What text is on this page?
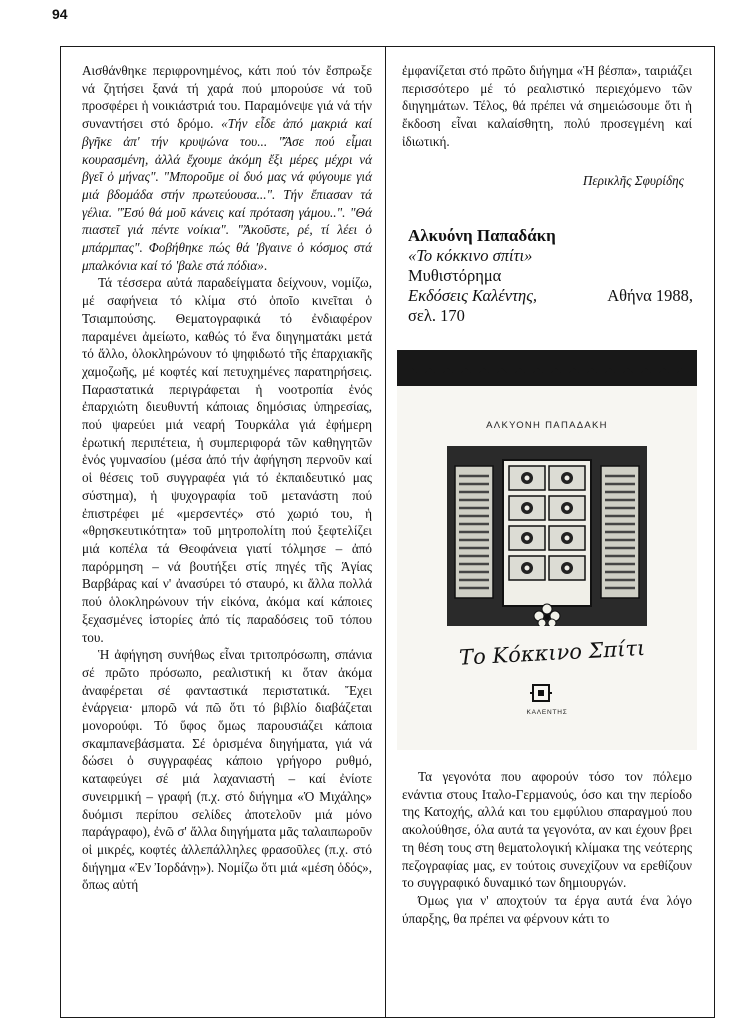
94

Αισθάνθηκε περιφρονημένος, κάτι πού τόν ἔσπρωξε νά ζητήσει ξανά τή χαρά πού μπορούσε νά τοῦ προσφέρει ἡ νοικιάστριά του. Παραμόνεψε γιά νά τήν συναντήσει στό δρόμο. «Τήν εἶδε ἀπό μακριά καί βγῆκε ἀπ' τήν κρυψώνα του... "Ἄσε πού εἶμαι κουρασμένη, ἀλλά ἔχουμε ἀκόμη ἔξι μέρες μέχρι νά βγεῖ ὁ μήνας". "Μποροῦμε οἱ δυό μας νά φύγουμε γιά μιά βδομάδα στήν πρωτεύουσα...". Τήν ἔπιασαν τά γέλια. "Ἐσύ θά μοῦ κάνεις καί πρόταση γάμου..". "Θά πιαστεῖ γιά πέντε νοίκια". "Ἀκοῦστε, ρέ, τί λέει ὁ μπάρμπας". Φοβήθηκε πώς θά 'βγαινε ὁ κόσμος στά μπαλκόνια καί τό 'βαλε στά πόδια».

Τά τέσσερα αὐτά παραδείγματα δείχνουν, νομίζω, μέ σαφήνεια τό κλίμα στό ὁποῖο κινεῖται ὁ Τσιαμπούσης. Θεματογραφικά τό ἐνδιαφέρον παραμένει ἀμείωτο, καθώς τό ἕνα διηγηματάκι μετά τό ἄλλο, ὁλοκληρώνουν τό ψηφιδωτό τῆς ἐπαρχιακῆς χαμοζωῆς, μέ κοφτές καί πετυχημένες παρατηρήσεις. Παραστατικά περιγράφεται ἡ νοοτροπία ἑνός ἐπαρχιώτη διευθυντή κάποιας δημόσιας ὑπηρεσίας, πού ψαρεύει μιά νεαρή Τουρκάλα γιά ἐφήμερη ἐρωτική περιπέτεια, ἡ συμπεριφορά τῶν καθηγητῶν ἑνός γυμνασίου (μέσα ἀπό τήν ἀφήγηση περνοῦν καί οἱ θέσεις τοῦ συγγραφέα γιά τό ἐκπαιδευτικό μας σύστημα), ἡ ψυχογραφία τοῦ μετανάστη πού ἐπιστρέφει μέ «μερσεντές» στό χωριό του, ἡ «θρησκευτικότητα» τοῦ μητροπολίτη πού ξεφτελίζει μιά κοπέλα τά Θεοφάνεια γιατί τόλμησε – ἀπό παρόρμηση – νά βουτήξει στίς πηγές τῆς Ἁγίας Βαρβάρας καί ν' ἀνασύρει τό σταυρό, κι ἄλλα πολλά πού ὁλοκληρώνουν τήν εἰκόνα, ἀκόμα καί κάποιες ξεχασμένες ἱστορίες ἀπό τίς παραδόσεις τοῦ τόπου του.

Ἡ ἀφήγηση συνήθως εἶναι τριτοπρόσωπη, σπάνια σέ πρῶτο πρόσωπο, ρεαλιστική κι ὅταν ἀκόμα ἀναφέρεται σέ φανταστικά περιστατικά. Ἔχει ἐνάργεια· μπορῶ νά πῶ ὅτι τό βιβλίο διαβάζεται μονορούφι. Τό ὕφος ὅμως παρουσιάζει κάποια σκαμπανεβάσματα. Σέ ὁρισμένα διηγήματα, γιά νά δώσει ὁ συγγραφέας κάποιο γρήγορο ρυθμό, καταφεύγει σέ μιά λαχανιαστή – καί ἐνίοτε συνειρμική – γραφή (π.χ. στό διήγημα «Ὁ Μιχάλης» δυόμισι περίπου σελίδες ἀποτελοῦν μιά μόνο παράγραφο), ἐνῶ σ' ἄλλα διηγήματα μᾶς ταλαιπωροῦν οἱ μικρές, κοφτές ἀλλεπάλληλες φρασοῦλες (π.χ. στό διήγημα «Ἐν Ἰορδάνῃ»). Νομίζω ὅτι μιά «μέση ὁδός», ὅπως αὐτή

ἐμφανίζεται στό πρῶτο διήγημα «Ἡ βέσπα», ταιριάζει περισσότερο μέ τό ρεαλιστικό περιεχόμενο τῶν διηγημάτων. Τέλος, θά πρέπει νά σημειώσουμε ὅτι ἡ ἔκδοση εἶναι καλαίσθητη, πολύ προσεγμένη καί ἰδιωτική.

Περικλῆς Σφυρίδης
Αλκυόνη Παπαδάκη
«Το κόκκινο σπίτι»
Μυθιστόρημα
Εκδόσεις Καλέντης,	Αθήνα 1988,
σελ. 170
ΑΛΚΥΟΝΗ ΠΑΠΑΔΑΚΗ
Το Κόκκινο Σπίτι
ΚΑΛΕΝΤΗΣ

Τα γεγονότα που αφορούν τόσο τον πόλεμο ενάντια στους Ιταλο-Γερμανούς, όσο και την περίοδο της Κατοχής, αλλά και του εμφύλιου σπαραγμού που ακολούθησε, όλα αυτά τα γεγονότα, αν και έχουν βρει τη θέση τους στη θεματολογική κλίμακα της νεότερης πεζογραφίας μας, εν τούτοις συνεχίζουν να ερεθίζουν το συγγραφικό δυναμικό των δημιουργών.

Όμως για ν' αποχτούν τα έργα αυτά ένα λόγο ύπαρξης, θα πρέπει να φέρνουν κάτι το
